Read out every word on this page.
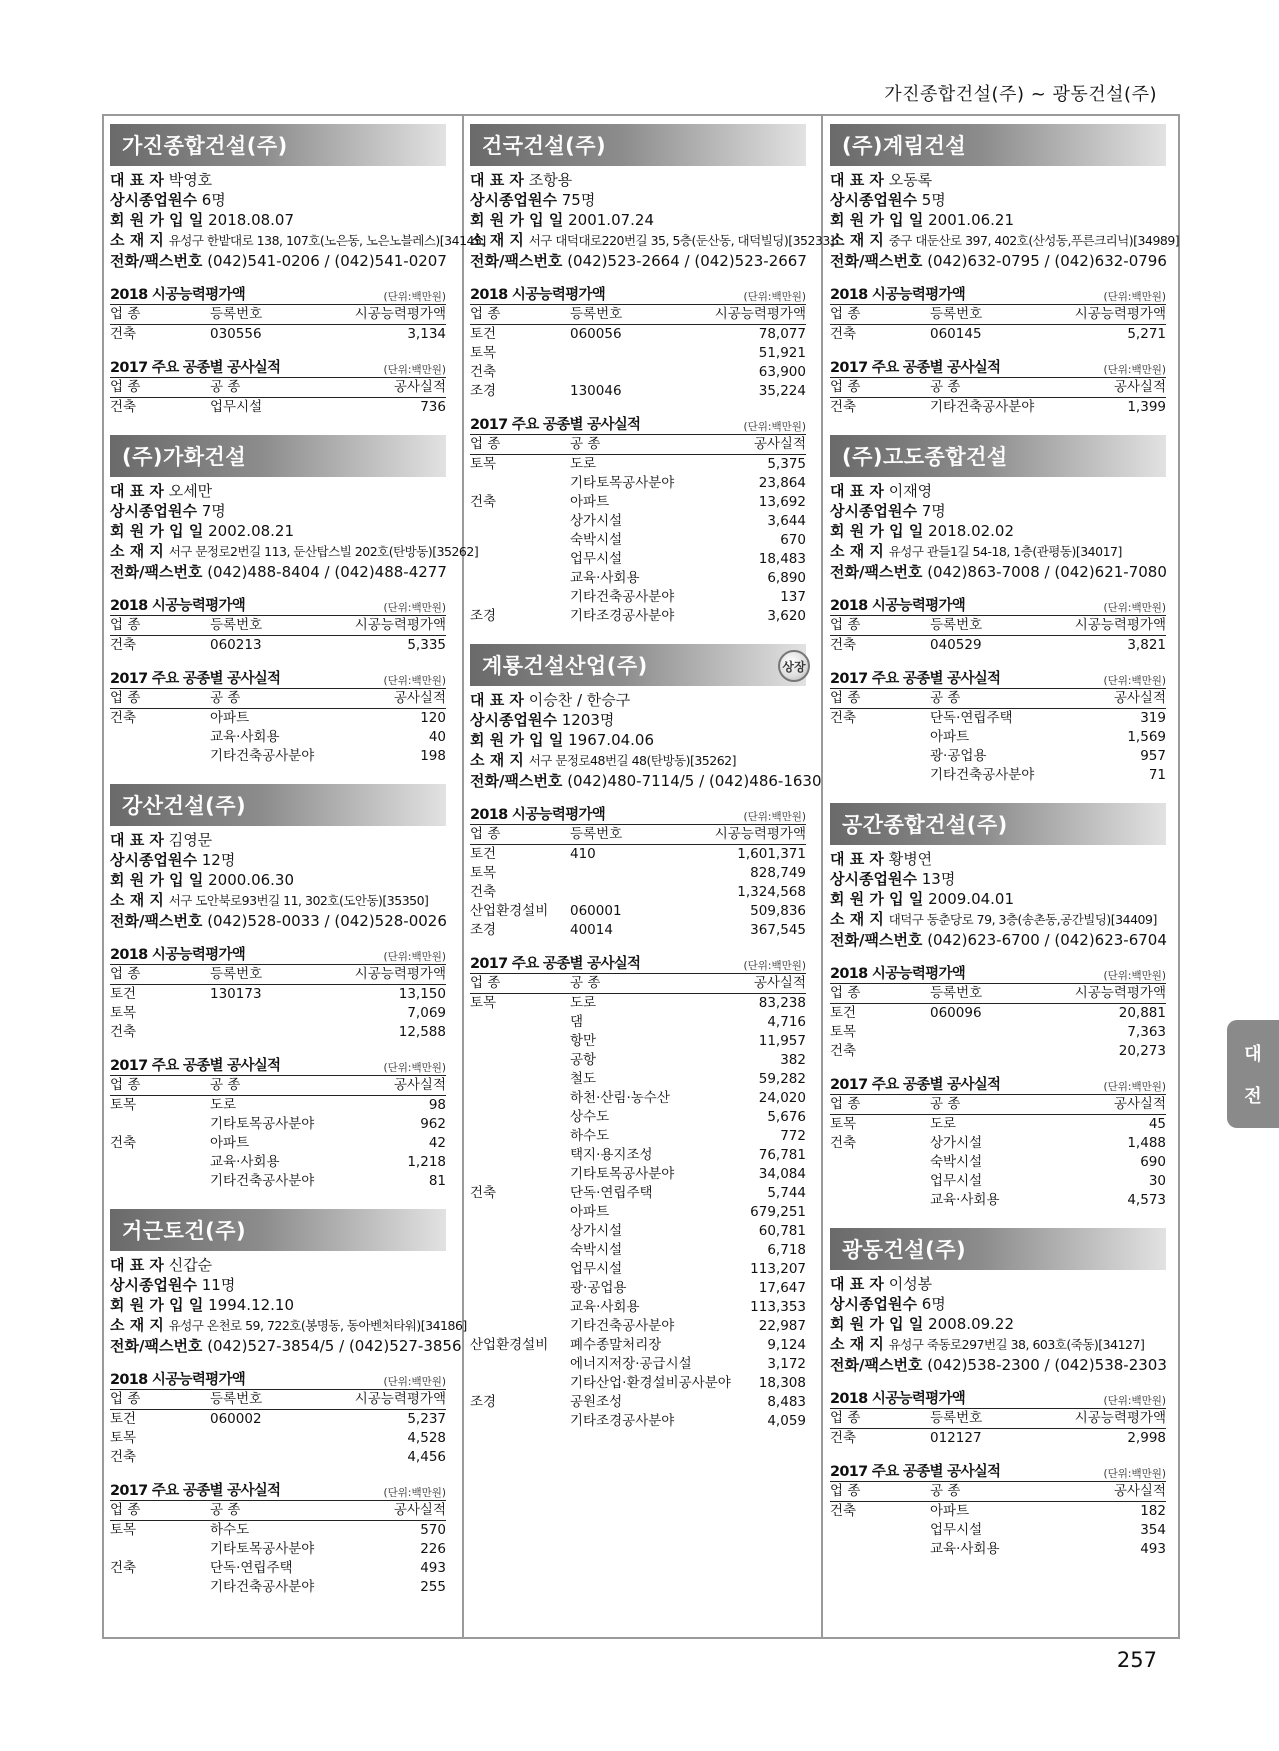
가진종합건설(주) ~ 광동건설(주)
가진종합건설(주)
대 표 자 박영호
상시종업원수 6명
회 원 가 입 일 2018.08.07
소 재 지 유성구 한밭대로 138, 107호(노은동, 노은노블레스)[34145]
전화/팩스번호 (042)541-0206 / (042)541-0207
2018 시공능력평가액	(단위:백만원)
업 종	등록번호	시공능력평가액
건축	030556	3,134
2017 주요 공종별 공사실적	(단위:백만원)
업 종	공 종	공사실적
건축	업무시설	736
(주)가화건설
대 표 자 오세만
상시종업원수 7명
회 원 가 입 일 2002.08.21
소 재 지 서구 문정로2번길 113, 둔산탑스빌 202호(탄방동)[35262]
전화/팩스번호 (042)488-8404 / (042)488-4277
2018 시공능력평가액	(단위:백만원)
업 종	등록번호	시공능력평가액
건축	060213	5,335
2017 주요 공종별 공사실적	(단위:백만원)
업 종	공 종	공사실적
건축	아파트	120
	교육·사회용	40
	기타건축공사분야	198
강산건설(주)
대 표 자 김영문
상시종업원수 12명
회 원 가 입 일 2000.06.30
소 재 지 서구 도안북로93번길 11, 302호(도안동)[35350]
전화/팩스번호 (042)528-0033 / (042)528-0026
2018 시공능력평가액	(단위:백만원)
업 종	등록번호	시공능력평가액
토건	130173	13,150
토목		7,069
건축		12,588
2017 주요 공종별 공사실적	(단위:백만원)
업 종	공 종	공사실적
토목	도로	98
	기타토목공사분야	962
건축	아파트	42
	교육·사회용	1,218
	기타건축공사분야	81
거근토건(주)
대 표 자 신갑순
상시종업원수 11명
회 원 가 입 일 1994.12.10
소 재 지 유성구 온천로 59, 722호(봉명동, 동아벤처타워)[34186]
전화/팩스번호 (042)527-3854/5 / (042)527-3856
2018 시공능력평가액	(단위:백만원)
업 종	등록번호	시공능력평가액
토건	060002	5,237
토목		4,528
건축		4,456
2017 주요 공종별 공사실적	(단위:백만원)
업 종	공 종	공사실적
토목	하수도	570
	기타토목공사분야	226
건축	단독·연립주택	493
	기타건축공사분야	255
건국건설(주)
대 표 자 조항용
상시종업원수 75명
회 원 가 입 일 2001.07.24
소 재 지 서구 대덕대로220번길 35, 5층(둔산동, 대덕빌딩)[35233]
전화/팩스번호 (042)523-2664 / (042)523-2667
2018 시공능력평가액	(단위:백만원)
업 종	등록번호	시공능력평가액
토건	060056	78,077
토목		51,921
건축		63,900
조경	130046	35,224
2017 주요 공종별 공사실적	(단위:백만원)
업 종	공 종	공사실적
토목	도로	5,375
	기타토목공사분야	23,864
건축	아파트	13,692
	상가시설	3,644
	숙박시설	670
	업무시설	18,483
	교육·사회용	6,890
	기타건축공사분야	137
조경	기타조경공사분야	3,620
계룡건설산업(주)	상장
대 표 자 이승찬 / 한승구
상시종업원수 1203명
회 원 가 입 일 1967.04.06
소 재 지 서구 문정로48번길 48(탄방동)[35262]
전화/팩스번호 (042)480-7114/5 / (042)486-1630
2018 시공능력평가액	(단위:백만원)
업 종	등록번호	시공능력평가액
토건	410	1,601,371
토목		828,749
건축		1,324,568
산업환경설비	060001	509,836
조경	40014	367,545
2017 주요 공종별 공사실적	(단위:백만원)
업 종	공 종	공사실적
토목	도로	83,238
	댐	4,716
	항만	11,957
	공항	382
	철도	59,282
	하천·산림·농수산	24,020
	상수도	5,676
	하수도	772
	택지·용지조성	76,781
	기타토목공사분야	34,084
건축	단독·연립주택	5,744
	아파트	679,251
	상가시설	60,781
	숙박시설	6,718
	업무시설	113,207
	광·공업용	17,647
	교육·사회용	113,353
	기타건축공사분야	22,987
산업환경설비	폐수종말처리장	9,124
	에너지저장·공급시설	3,172
	기타산업·환경설비공사분야	18,308
조경	공원조성	8,483
	기타조경공사분야	4,059
(주)계림건설
대 표 자 오동록
상시종업원수 5명
회 원 가 입 일 2001.06.21
소 재 지 중구 대둔산로 397, 402호(산성동,푸른크리닉)[34989]
전화/팩스번호 (042)632-0795 / (042)632-0796
2018 시공능력평가액	(단위:백만원)
업 종	등록번호	시공능력평가액
건축	060145	5,271
2017 주요 공종별 공사실적	(단위:백만원)
업 종	공 종	공사실적
건축	기타건축공사분야	1,399
(주)고도종합건설
대 표 자 이재영
상시종업원수 7명
회 원 가 입 일 2018.02.02
소 재 지 유성구 관들1길 54-18, 1층(관평동)[34017]
전화/팩스번호 (042)863-7008 / (042)621-7080
2018 시공능력평가액	(단위:백만원)
업 종	등록번호	시공능력평가액
건축	040529	3,821
2017 주요 공종별 공사실적	(단위:백만원)
업 종	공 종	공사실적
건축	단독·연립주택	319
	아파트	1,569
	광·공업용	957
	기타건축공사분야	71
공간종합건설(주)
대 표 자 황병연
상시종업원수 13명
회 원 가 입 일 2009.04.01
소 재 지 대덕구 동춘당로 79, 3층(송촌동,공간빌딩)[34409]
전화/팩스번호 (042)623-6700 / (042)623-6704
2018 시공능력평가액	(단위:백만원)
업 종	등록번호	시공능력평가액
토건	060096	20,881
토목		7,363
건축		20,273
2017 주요 공종별 공사실적	(단위:백만원)
업 종	공 종	공사실적
토목	도로	45
건축	상가시설	1,488
	숙박시설	690
	업무시설	30
	교육·사회용	4,573
광동건설(주)
대 표 자 이성봉
상시종업원수 6명
회 원 가 입 일 2008.09.22
소 재 지 유성구 죽동로297번길 38, 603호(죽동)[34127]
전화/팩스번호 (042)538-2300 / (042)538-2303
2018 시공능력평가액	(단위:백만원)
업 종	등록번호	시공능력평가액
건축	012127	2,998
2017 주요 공종별 공사실적	(단위:백만원)
업 종	공 종	공사실적
건축	아파트	182
	업무시설	354
	교육·사회용	493
대
전
257
